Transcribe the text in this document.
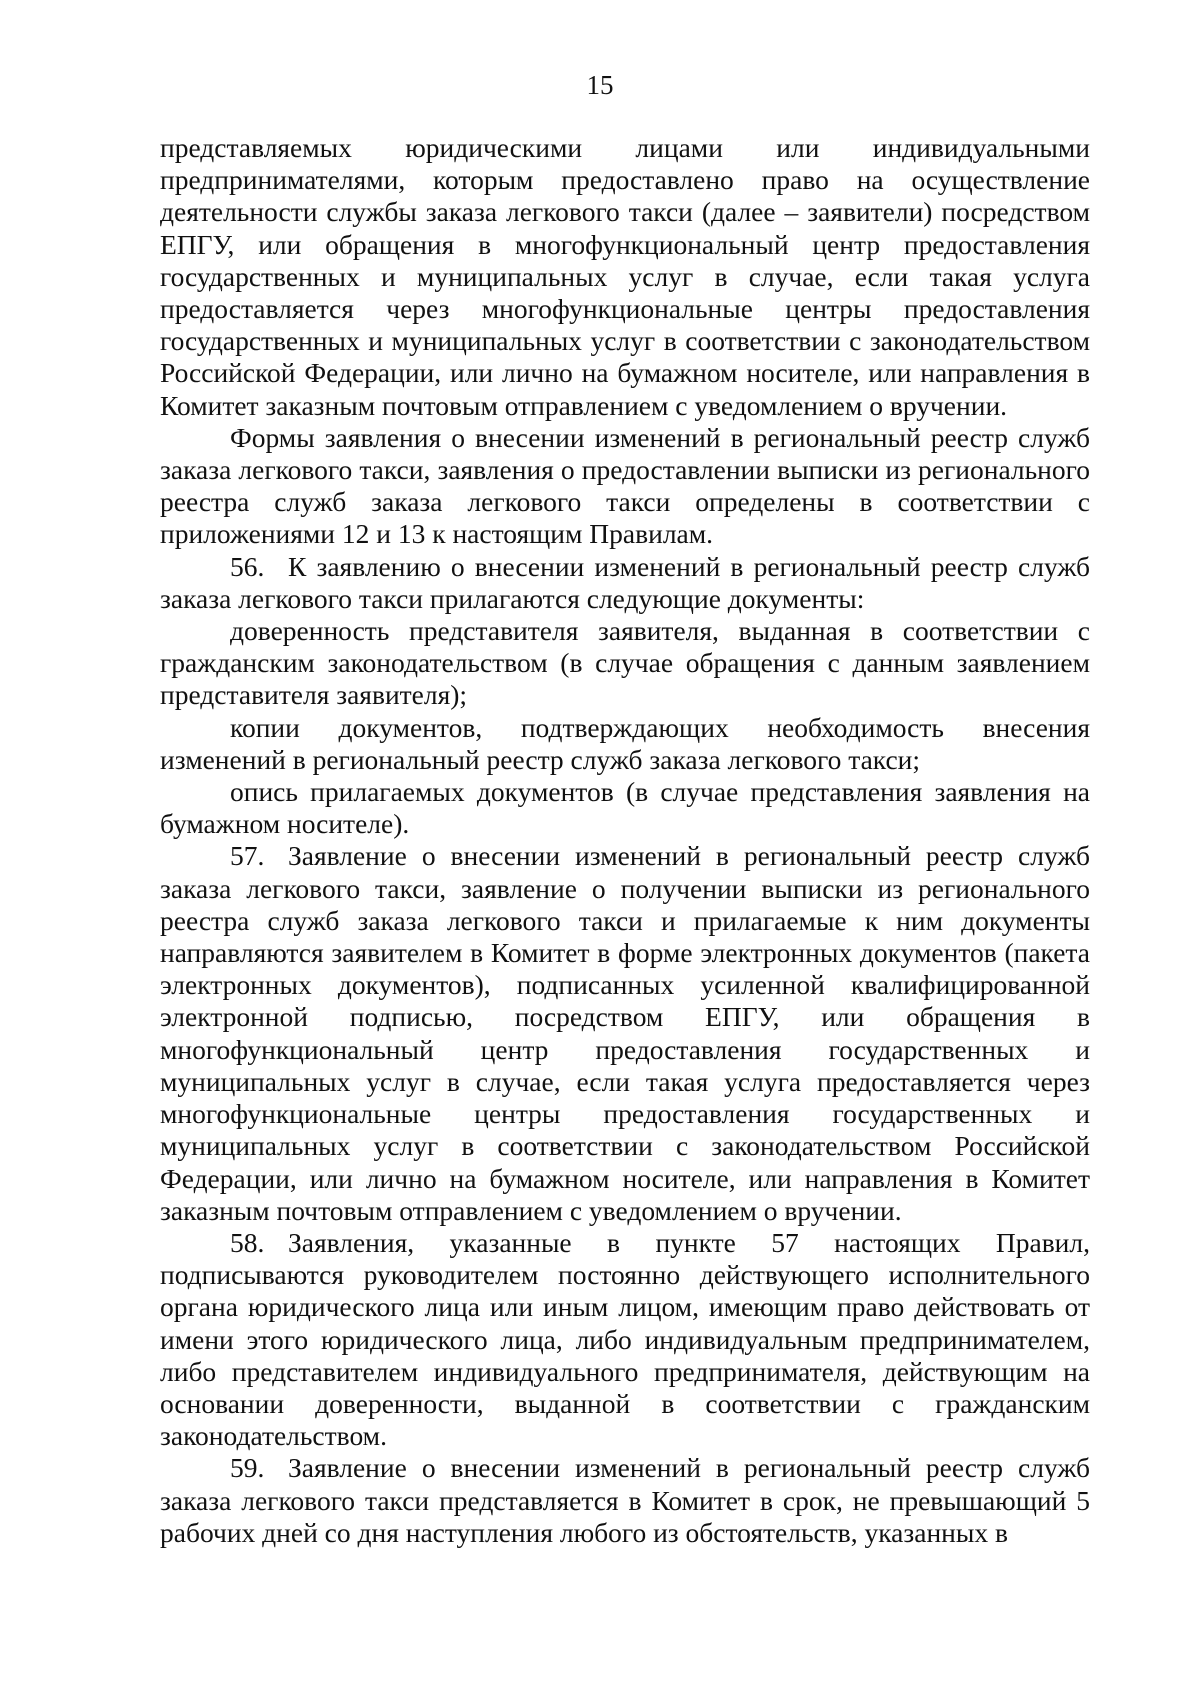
15

представляемых юридическими лицами или индивидуальными предпринимателями, которым предоставлено право на осуществление деятельности службы заказа легкового такси (далее – заявители) посредством ЕПГУ, или обращения в многофункциональный центр предоставления государственных и муниципальных услуг в случае, если такая услуга предоставляется через многофункциональные центры предоставления государственных и муниципальных услуг в соответствии с законодательством Российской Федерации, или лично на бумажном носителе, или направления в Комитет заказным почтовым отправлением с уведомлением о вручении.

Формы заявления о внесении изменений в региональный реестр служб заказа легкового такси, заявления о предоставлении выписки из регионального реестра служб заказа легкового такси определены в соответствии с приложениями 12 и 13 к настоящим Правилам.

56. К заявлению о внесении изменений в региональный реестр служб заказа легкового такси прилагаются следующие документы:

доверенность представителя заявителя, выданная в соответствии с гражданским законодательством (в случае обращения с данным заявлением представителя заявителя);

копии документов, подтверждающих необходимость внесения изменений в региональный реестр служб заказа легкового такси;

опись прилагаемых документов (в случае представления заявления на бумажном носителе).

57. Заявление о внесении изменений в региональный реестр служб заказа легкового такси, заявление о получении выписки из регионального реестра служб заказа легкового такси и прилагаемые к ним документы направляются заявителем в Комитет в форме электронных документов (пакета электронных документов), подписанных усиленной квалифицированной электронной подписью, посредством ЕПГУ, или обращения в многофункциональный центр предоставления государственных и муниципальных услуг в случае, если такая услуга предоставляется через многофункциональные центры предоставления государственных и муниципальных услуг в соответствии с законодательством Российской Федерации, или лично на бумажном носителе, или направления в Комитет заказным почтовым отправлением с уведомлением о вручении.

58. Заявления, указанные в пункте 57 настоящих Правил, подписываются руководителем постоянно действующего исполнительного органа юридического лица или иным лицом, имеющим право действовать от имени этого юридического лица, либо индивидуальным предпринимателем, либо представителем индивидуального предпринимателя, действующим на основании доверенности, выданной в соответствии с гражданским законодательством.

59. Заявление о внесении изменений в региональный реестр служб заказа легкового такси представляется в Комитет в срок, не превышающий 5 рабочих дней со дня наступления любого из обстоятельств, указанных в
